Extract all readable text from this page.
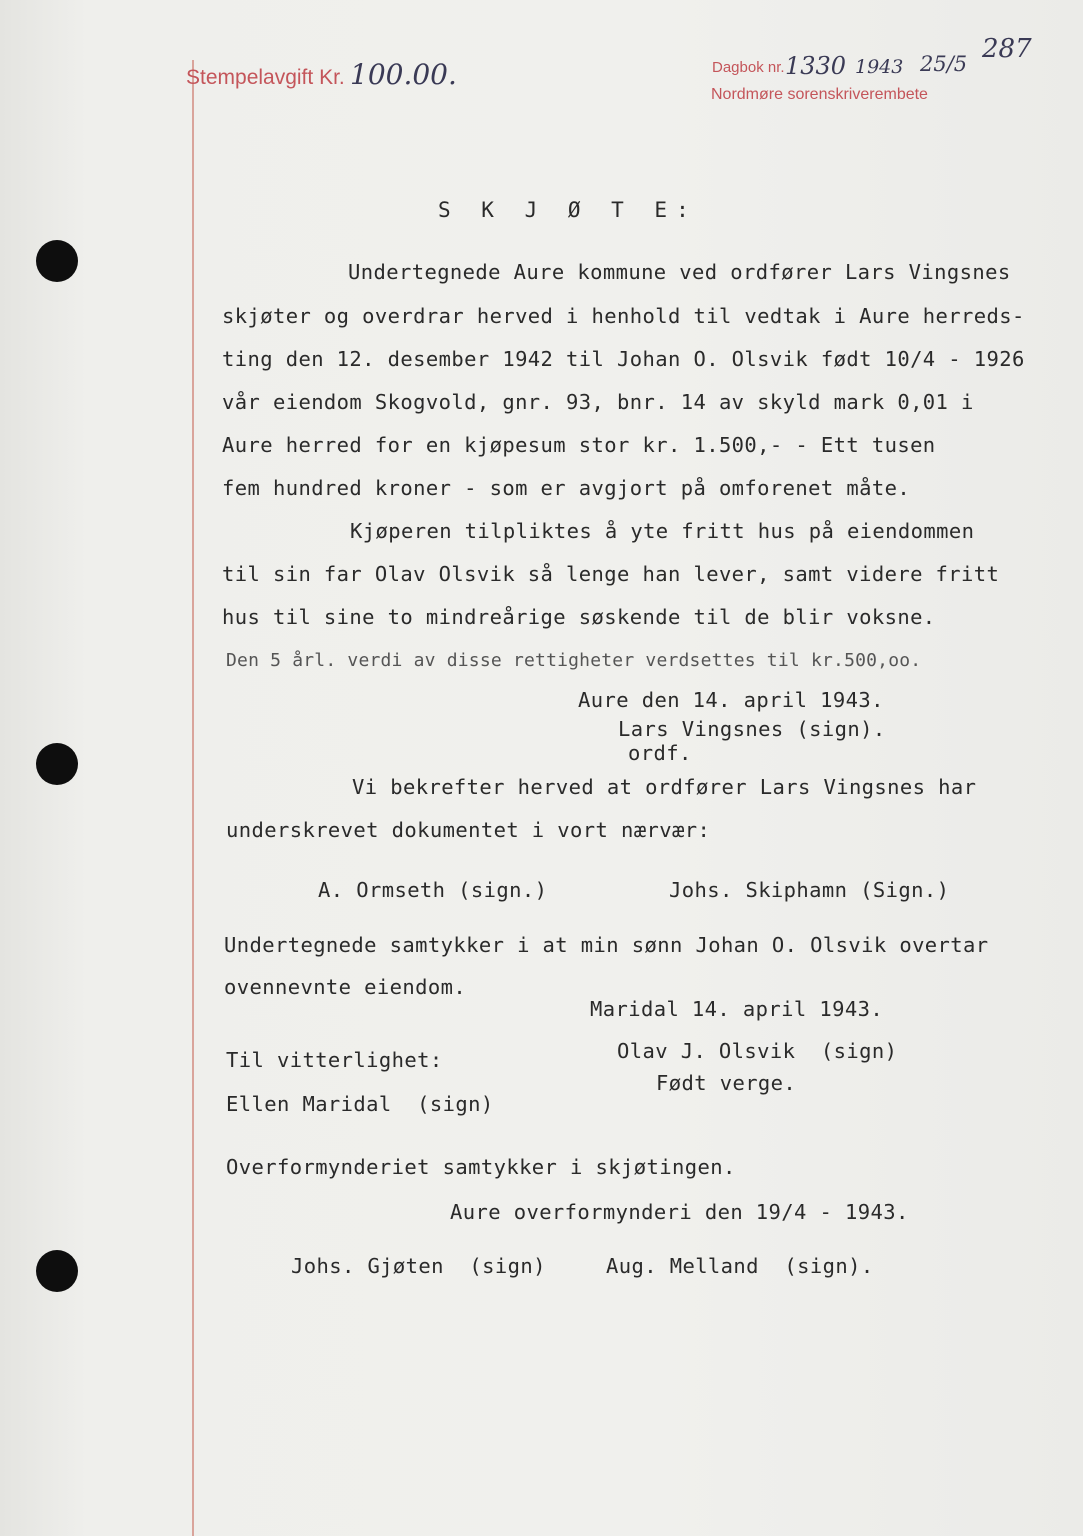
Stempelavgift Kr. 100.00.	Dagbok nr. 1330 1943 25/5
Nordmøre sorenskriverembete
287
S K J Ø T E:
Undertegnede Aure kommune ved ordfører Lars Vingsnes
skjøter og overdrar herved i henhold til vedtak i Aure herreds-
ting den 12. desember 1942 til Johan O. Olsvik født 10/4 - 1926
vår eiendom Skogvold, gnr. 93, bnr. 14 av skyld mark 0,01 i
Aure herred for en kjøpesum stor kr. 1.500,- - Ett tusen
fem hundred kroner - som er avgjort på omforenet måte.
Kjøperen tilpliktes å yte fritt hus på eiendommen
til sin far Olav Olsvik så lenge han lever, samt videre fritt
hus til sine to mindreårige søskende til de blir voksne.
Den 5 årl. verdi av disse rettigheter verdsettes til kr.500,oo.
Aure den 14. april 1943.
Lars Vingsnes (sign).
ordf.
Vi bekrefter herved at ordfører Lars Vingsnes har
underskrevet dokumentet i vort nærvær:
A. Ormseth (sign.)	Johs. Skiphamn (Sign.)
Undertegnede samtykker i at min sønn Johan O. Olsvik overtar
ovennevnte eiendom.
Maridal 14. april 1943.
Til vitterlighet:	Olav J. Olsvik  (sign)
Født verge.
Ellen Maridal  (sign)
Overformynderiet samtykker i skjøtingen.
Aure overformynderi den 19/4 - 1943.
Johs. Gjøten  (sign)	Aug. Melland  (sign).
